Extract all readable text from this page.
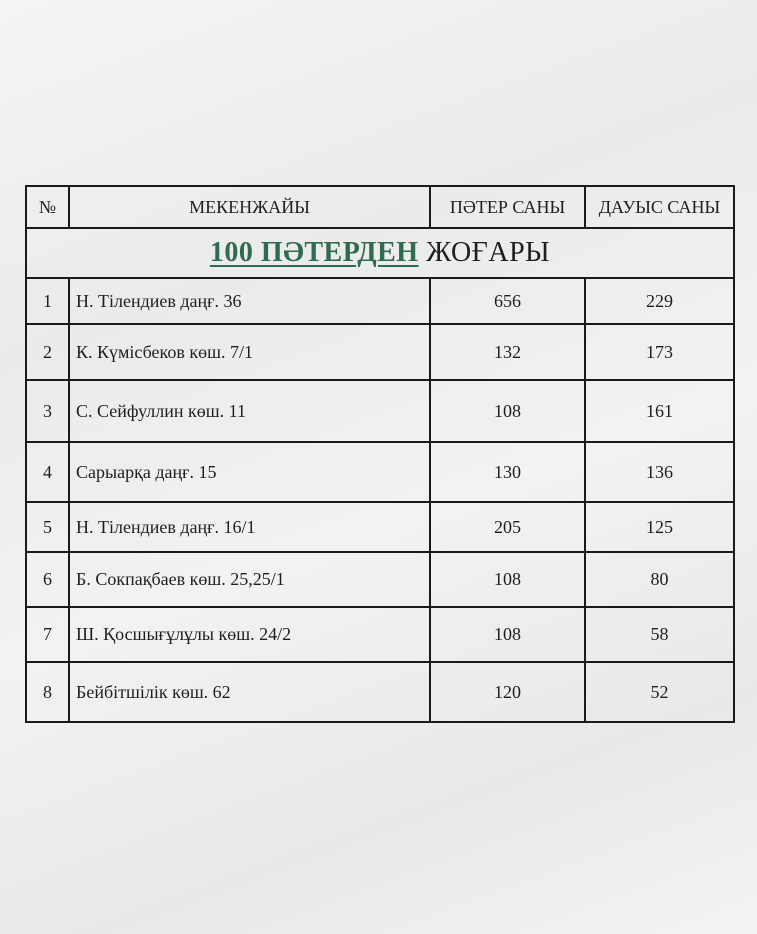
№	МЕКЕНЖАЙЫ	ПӘТЕР САНЫ	ДАУЫС САНЫ
100 ПӘТЕРДЕН ЖОҒАРЫ			
1	Н. Тілендиев даңғ. 36	656	229
2	К. Күмісбеков көш. 7/1	132	173
3	С. Сейфуллин көш. 11	108	161
4	Сарыарқа даңғ. 15	130	136
5	Н. Тілендиев даңғ. 16/1	205	125
6	Б. Сокпақбаев көш. 25,25/1	108	80
7	Ш. Қосшығұлұлы көш. 24/2	108	58
8	Бейбітшілік көш. 62	120	52
